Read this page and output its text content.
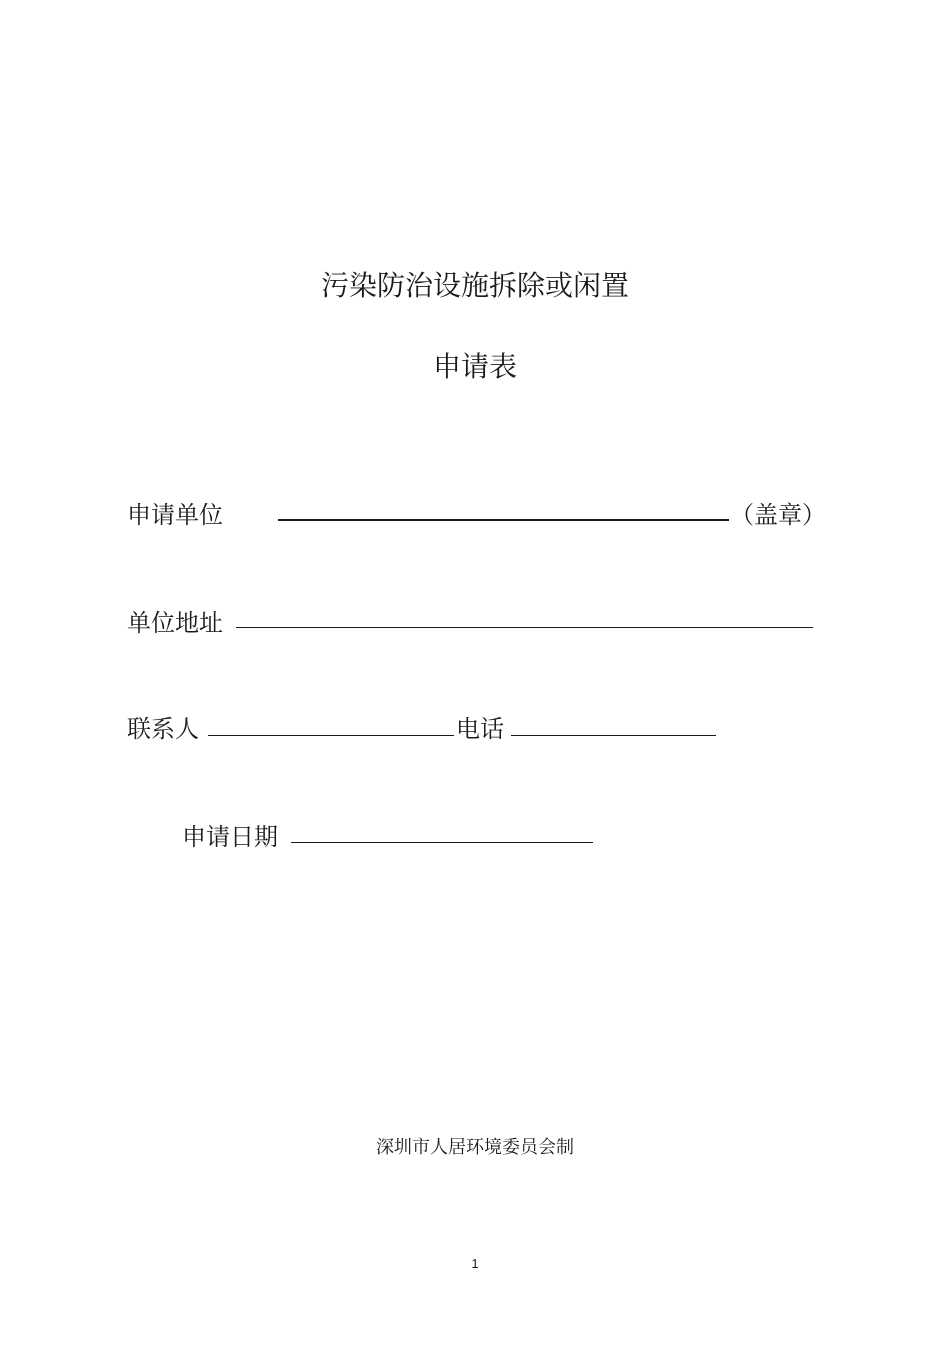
污染防治设施拆除或闲置
申请表
申请单位	（盖章）
单位地址
联系人	电话
申请日期
深圳市人居环境委员会制
1
